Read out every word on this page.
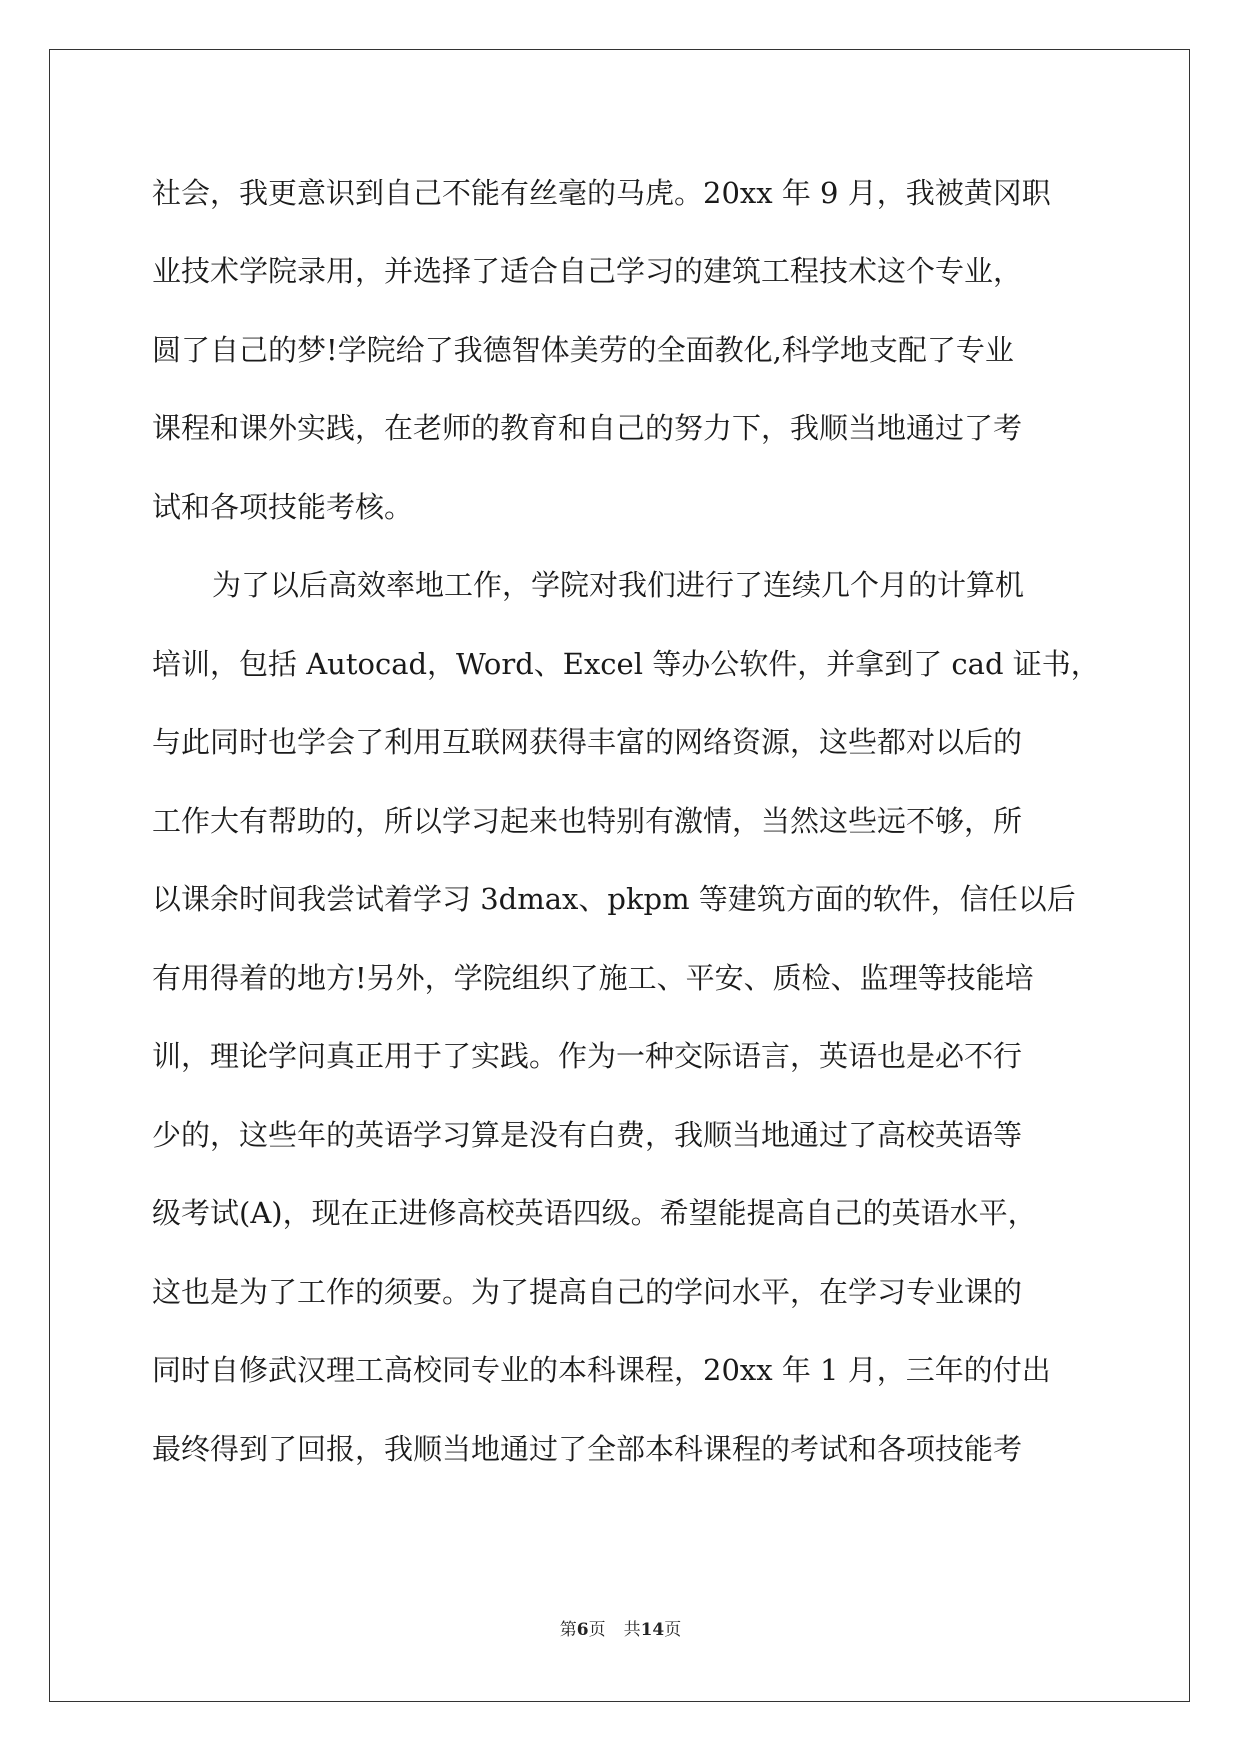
社会，我更意识到自己不能有丝毫的马虎。20xx 年 9 月，我被黄冈职
业技术学院录用，并选择了适合自己学习的建筑工程技术这个专业，
圆了自己的梦!学院给了我德智体美劳的全面教化,科学地支配了专业
课程和课外实践，在老师的教育和自己的努力下，我顺当地通过了考
试和各项技能考核。
为了以后高效率地工作，学院对我们进行了连续几个月的计算机
培训，包括 Autocad，Word、Excel 等办公软件，并拿到了 cad 证书，
与此同时也学会了利用互联网获得丰富的网络资源，这些都对以后的
工作大有帮助的，所以学习起来也特别有激情，当然这些远不够，所
以课余时间我尝试着学习 3dmax、pkpm 等建筑方面的软件，信任以后
有用得着的地方!另外，学院组织了施工、平安、质检、监理等技能培
训，理论学问真正用于了实践。作为一种交际语言，英语也是必不行
少的，这些年的英语学习算是没有白费，我顺当地通过了高校英语等
级考试(A)，现在正进修高校英语四级。希望能提高自己的英语水平，
这也是为了工作的须要。为了提高自己的学问水平，在学习专业课的
同时自修武汉理工高校同专业的本科课程，20xx 年 1 月，三年的付出
最终得到了回报，我顺当地通过了全部本科课程的考试和各项技能考
第6页 共14页
